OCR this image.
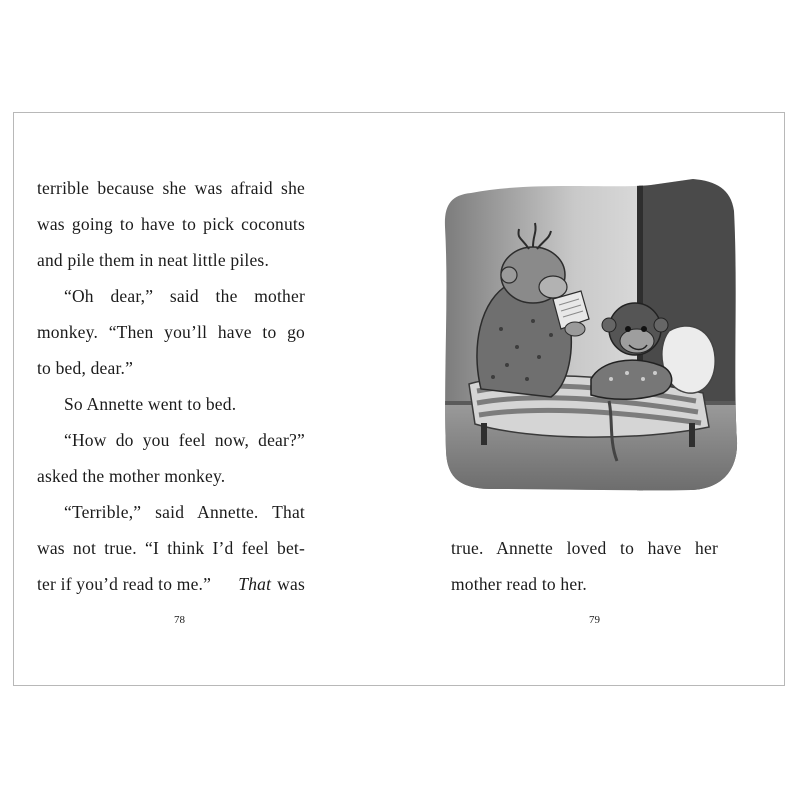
terrible because she was afraid she
was going to have to pick coconuts
and pile them in neat little piles.
“Oh dear,” said the mother
monkey. “Then you’ll have to go
to bed, dear.”
So Annette went to bed.
“How do you feel now, dear?”
asked the mother monkey.
“Terrible,” said Annette. That
was not true. “I think I’d feel bet-
ter if you’d read to me.” That was
78
true. Annette loved to have her
mother read to her.
79
